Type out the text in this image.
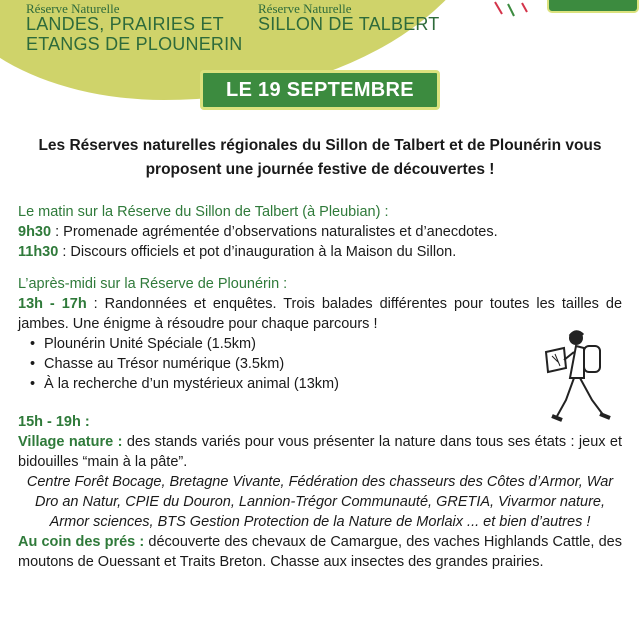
Réserve Naturelle
LANDES, PRAIRIES ET
ETANGS DE PLOUNERIN
Réserve Naturelle
SILLON DE TALBERT
LE 19 SEPTEMBRE 2026
Les Réserves naturelles régionales du Sillon de Talbert et de Plounérin vous
proposent une journée festive de découvertes !

Le matin sur la Réserve du Sillon de Talbert (à Pleubian) :

9h30 : Promenade agrémentée d’observations naturalistes et d’anecdotes.

11h30 : Discours officiels et pot d’inauguration à la Maison du Sillon.

L’après-midi sur la Réserve de Plounérin :

13h - 17h : Randonnées et enquêtes. Trois balades différentes pour toutes les tailles de jambes. Une énigme à résoudre pour chaque parcours !

• Plounérin Unité Spéciale (1.5km)
• Chasse au Trésor numérique (3.5km)
• À la recherche d’un mystérieux animal (13km)

15h - 19h :

Village nature : des stands variés pour vous présenter la nature dans tous ses états : jeux et bidouilles “main à la pâte”.

Centre Forêt Bocage, Bretagne Vivante, Fédération des chasseurs des Côtes d’Armor, War Dro an Natur, CPIE du Douron, Lannion-Trégor Communauté, GRETIA, Vivarmor nature, Armor sciences, BTS Gestion Protection de la Nature de Morlaix ... et bien d’autres !

Au coin des prés : découverte des chevaux de Camargue, des vaches Highlands Cattle, des moutons de Ouessant et Traits Breton. Chasse aux insectes des grandes prairies.
